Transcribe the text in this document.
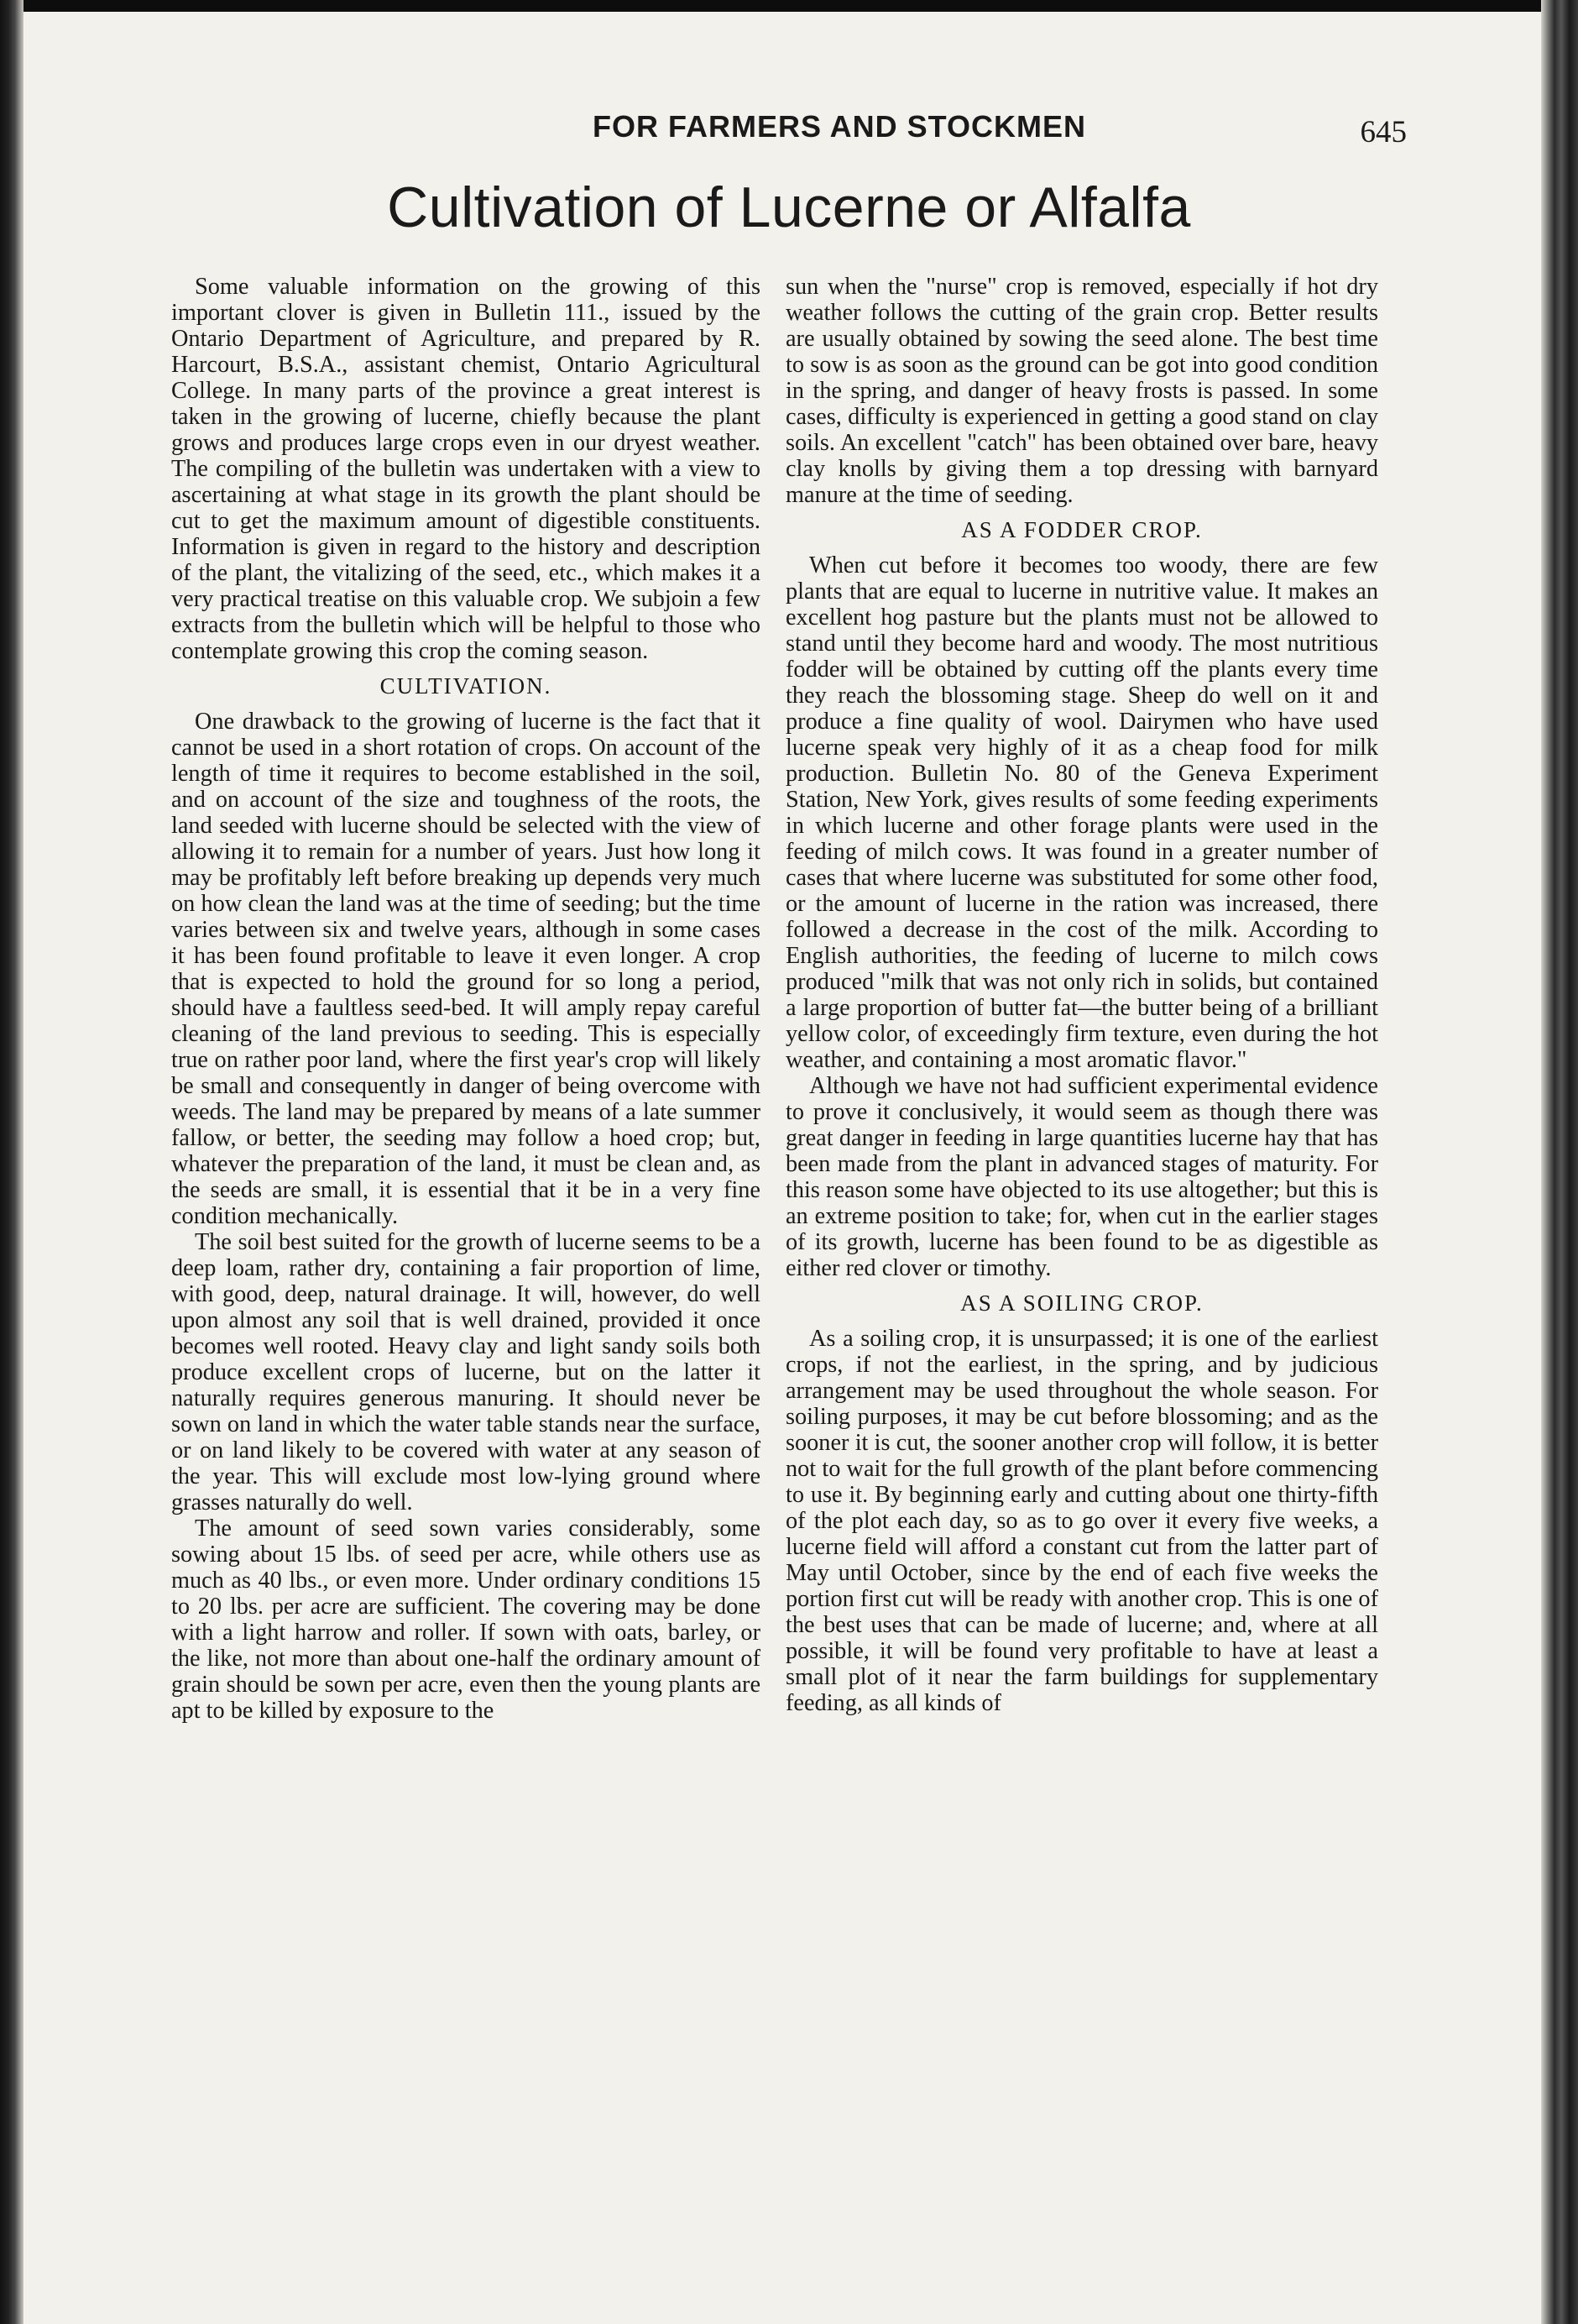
FOR FARMERS AND STOCKMEN	645
Cultivation of Lucerne or Alfalfa

Some valuable information on the growing of this important clover is given in Bulletin 111., issued by the Ontario Department of Agriculture, and prepared by R. Harcourt, B.S.A., assistant chemist, Ontario Agricultural College. In many parts of the province a great interest is taken in the growing of lucerne, chiefly because the plant grows and produces large crops even in our dryest weather. The compiling of the bulletin was undertaken with a view to ascertaining at what stage in its growth the plant should be cut to get the maximum amount of digestible constituents. Information is given in regard to the history and description of the plant, the vitalizing of the seed, etc., which makes it a very practical treatise on this valuable crop. We subjoin a few extracts from the bulletin which will be helpful to those who contemplate growing this crop the coming season.

CULTIVATION.

One drawback to the growing of lucerne is the fact that it cannot be used in a short rotation of crops. On account of the length of time it requires to become established in the soil, and on account of the size and toughness of the roots, the land seeded with lucerne should be selected with the view of allowing it to remain for a number of years. Just how long it may be profitably left before breaking up depends very much on how clean the land was at the time of seeding; but the time varies between six and twelve years, although in some cases it has been found profitable to leave it even longer. A crop that is expected to hold the ground for so long a period, should have a faultless seed-bed. It will amply repay careful cleaning of the land previous to seeding. This is especially true on rather poor land, where the first year's crop will likely be small and consequently in danger of being overcome with weeds. The land may be prepared by means of a late summer fallow, or better, the seeding may follow a hoed crop; but, whatever the preparation of the land, it must be clean and, as the seeds are small, it is essential that it be in a very fine condition mechanically.

The soil best suited for the growth of lucerne seems to be a deep loam, rather dry, containing a fair proportion of lime, with good, deep, natural drainage. It will, however, do well upon almost any soil that is well drained, provided it once becomes well rooted. Heavy clay and light sandy soils both produce excellent crops of lucerne, but on the latter it naturally requires generous manuring. It should never be sown on land in which the water table stands near the surface, or on land likely to be covered with water at any season of the year. This will exclude most low-lying ground where grasses naturally do well.

The amount of seed sown varies considerably, some sowing about 15 lbs. of seed per acre, while others use as much as 40 lbs., or even more. Under ordinary conditions 15 to 20 lbs. per acre are sufficient. The covering may be done with a light harrow and roller. If sown with oats, barley, or the like, not more than about one-half the ordinary amount of grain should be sown per acre, even then the young plants are apt to be killed by exposure to the

sun when the "nurse" crop is removed, especially if hot dry weather follows the cutting of the grain crop. Better results are usually obtained by sowing the seed alone. The best time to sow is as soon as the ground can be got into good condition in the spring, and danger of heavy frosts is passed. In some cases, difficulty is experienced in getting a good stand on clay soils. An excellent "catch" has been obtained over bare, heavy clay knolls by giving them a top dressing with barnyard manure at the time of seeding.

AS A FODDER CROP.

When cut before it becomes too woody, there are few plants that are equal to lucerne in nutritive value. It makes an excellent hog pasture but the plants must not be allowed to stand until they become hard and woody. The most nutritious fodder will be obtained by cutting off the plants every time they reach the blossoming stage. Sheep do well on it and produce a fine quality of wool. Dairymen who have used lucerne speak very highly of it as a cheap food for milk production. Bulletin No. 80 of the Geneva Experiment Station, New York, gives results of some feeding experiments in which lucerne and other forage plants were used in the feeding of milch cows. It was found in a greater number of cases that where lucerne was substituted for some other food, or the amount of lucerne in the ration was increased, there followed a decrease in the cost of the milk. According to English authorities, the feeding of lucerne to milch cows produced "milk that was not only rich in solids, but contained a large proportion of butter fat—the butter being of a brilliant yellow color, of exceedingly firm texture, even during the hot weather, and containing a most aromatic flavor."

Although we have not had sufficient experimental evidence to prove it conclusively, it would seem as though there was great danger in feeding in large quantities lucerne hay that has been made from the plant in advanced stages of maturity. For this reason some have objected to its use altogether; but this is an extreme position to take; for, when cut in the earlier stages of its growth, lucerne has been found to be as digestible as either red clover or timothy.

AS A SOILING CROP.

As a soiling crop, it is unsurpassed; it is one of the earliest crops, if not the earliest, in the spring, and by judicious arrangement may be used throughout the whole season. For soiling purposes, it may be cut before blossoming; and as the sooner it is cut, the sooner another crop will follow, it is better not to wait for the full growth of the plant before commencing to use it. By beginning early and cutting about one thirty-fifth of the plot each day, so as to go over it every five weeks, a lucerne field will afford a constant cut from the latter part of May until October, since by the end of each five weeks the portion first cut will be ready with another crop. This is one of the best uses that can be made of lucerne; and, where at all possible, it will be found very profitable to have at least a small plot of it near the farm buildings for supplementary feeding, as all kinds of
